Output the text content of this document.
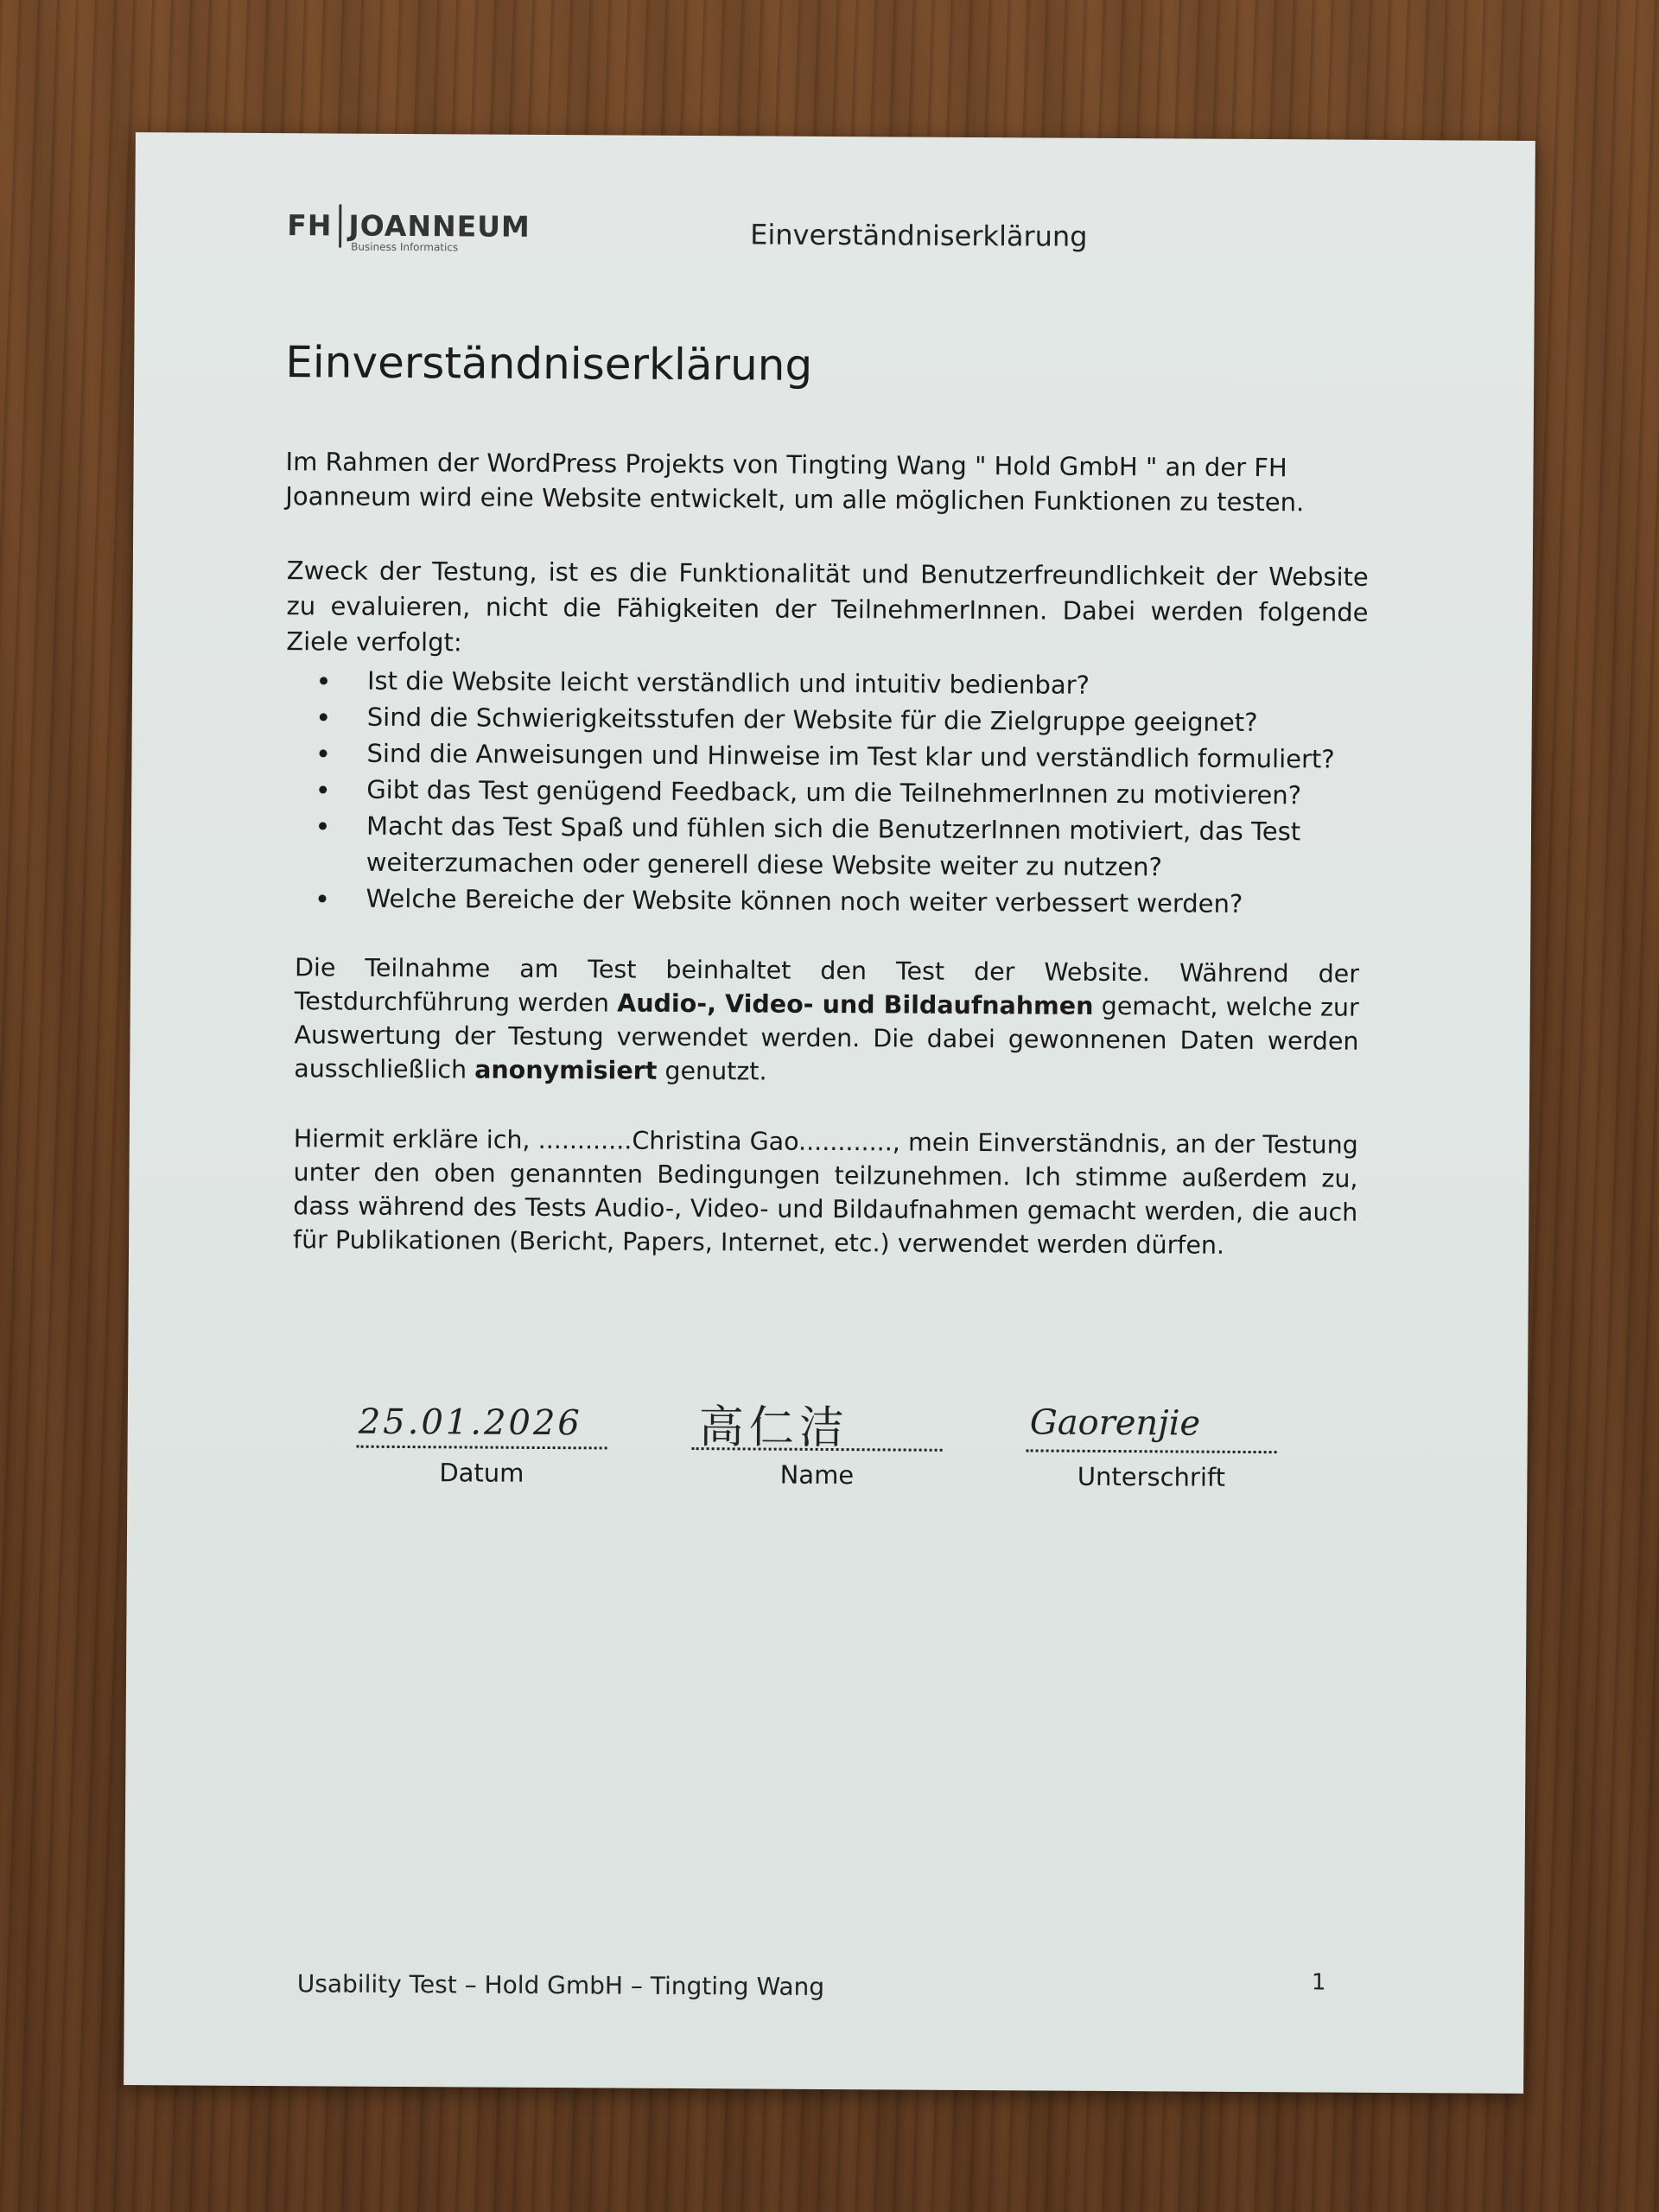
FH JOANNEUM
Business Informatics	Einverständniserklärung
Einverständniserklärung
Im Rahmen der WordPress Projekts von Tingting Wang " Hold GmbH " an der FH Joanneum wird eine Website entwickelt, um alle möglichen Funktionen zu testen.
Zweck der Testung, ist es die Funktionalität und Benutzerfreundlichkeit der Website zu evaluieren, nicht die Fähigkeiten der TeilnehmerInnen. Dabei werden folgende Ziele verfolgt:
• Ist die Website leicht verständlich und intuitiv bedienbar?
• Sind die Schwierigkeitsstufen der Website für die Zielgruppe geeignet?
• Sind die Anweisungen und Hinweise im Test klar und verständlich formuliert?
• Gibt das Test genügend Feedback, um die TeilnehmerInnen zu motivieren?
• Macht das Test Spaß und fühlen sich die BenutzerInnen motiviert, das Test weiterzumachen oder generell diese Website weiter zu nutzen?
• Welche Bereiche der Website können noch weiter verbessert werden?
Die Teilnahme am Test beinhaltet den Test der Website. Während der Testdurchführung werden Audio-, Video- und Bildaufnahmen gemacht, welche zur Auswertung der Testung verwendet werden. Die dabei gewonnenen Daten werden ausschließlich anonymisiert genutzt.
Hiermit erkläre ich, ............Christina Gao............, mein Einverständnis, an der Testung unter den oben genannten Bedingungen teilzunehmen. Ich stimme außerdem zu, dass während des Tests Audio-, Video- und Bildaufnahmen gemacht werden, die auch für Publikationen (Bericht, Papers, Internet, etc.) verwendet werden dürfen.
25.01.2026
Datum
高仁洁
Name
Gaorenjie
Unterschrift
Usability Test – Hold GmbH – Tingting Wang	1
